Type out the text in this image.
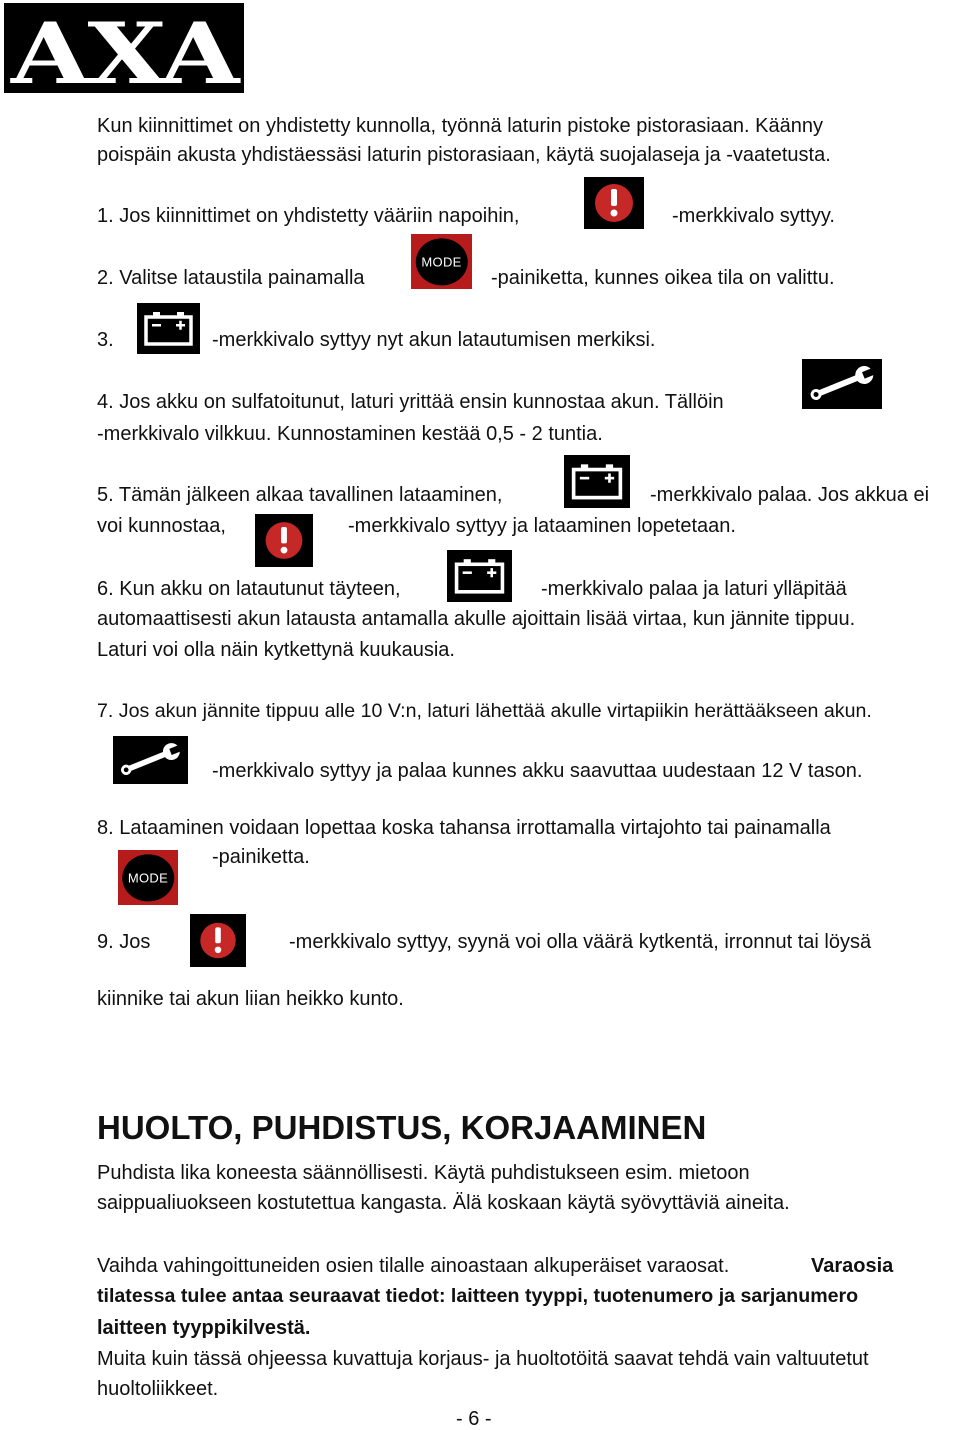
AXA
Kun kiinnittimet on yhdistetty kunnolla, työnnä laturin pistoke pistorasiaan. Käänny
poispäin akusta yhdistäessäsi laturin pistorasiaan, käytä suojalaseja ja -vaatetusta.
1. Jos kiinnittimet on yhdistetty vääriin napoihin,	-merkkivalo syttyy.
2. Valitse lataustila painamalla
MODE
-painiketta, kunnes oikea tila on valittu.
3.	-merkkivalo syttyy nyt akun latautumisen merkiksi.
4. Jos akku on sulfatoitunut, laturi yrittää ensin kunnostaa akun. Tällöin
-merkkivalo vilkkuu. Kunnostaminen kestää 0,5 - 2 tuntia.
5. Tämän jälkeen alkaa tavallinen lataaminen,	-merkkivalo palaa. Jos akkua ei
voi kunnostaa,	-merkkivalo syttyy ja lataaminen lopetetaan.
6. Kun akku on latautunut täyteen,	-merkkivalo palaa ja laturi ylläpitää
automaattisesti akun latausta antamalla akulle ajoittain lisää virtaa, kun jännite tippuu.
Laturi voi olla näin kytkettynä kuukausia.
7. Jos akun jännite tippuu alle 10 V:n, laturi lähettää akulle virtapiikin herättääkseen akun.
-merkkivalo syttyy ja palaa kunnes akku saavuttaa uudestaan 12 V tason.
8. Lataaminen voidaan lopettaa koska tahansa irrottamalla virtajohto tai painamalla
MODE
-painiketta.
9. Jos	-merkkivalo syttyy, syynä voi olla väärä kytkentä, irronnut tai löysä
kiinnike tai akun liian heikko kunto.
HUOLTO, PUHDISTUS, KORJAAMINEN
Puhdista lika koneesta säännöllisesti. Käytä puhdistukseen esim. mietoon
saippualiuokseen kostutettua kangasta. Älä koskaan käytä syövyttäviä aineita.
Vaihda vahingoittuneiden osien tilalle ainoastaan alkuperäiset varaosat.	Varaosia
tilatessa tulee antaa seuraavat tiedot: laitteen tyyppi, tuotenumero ja sarjanumero
laitteen tyyppikilvestä.
Muita kuin tässä ohjeessa kuvattuja korjaus- ja huoltotöitä saavat tehdä vain valtuutetut
huoltoliikkeet.
- 6 -
